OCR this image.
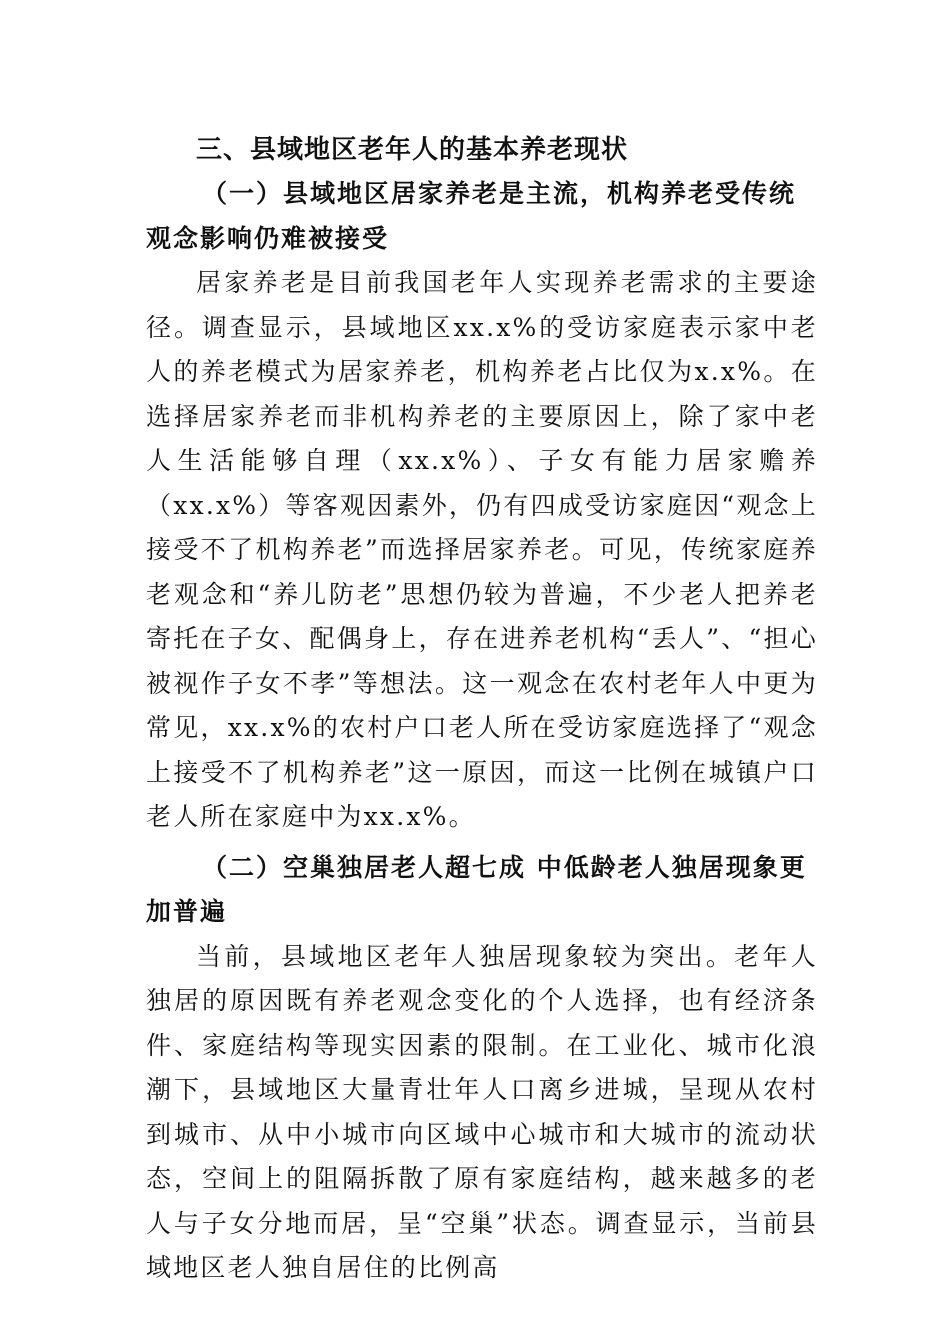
三、县域地区老年人的基本养老现状
（一）县域地区居家养老是主流，机构养老受传统观念影响仍难被接受

居家养老是目前我国老年人实现养老需求的主要途径。调查显示，县域地区xx.x%的受访家庭表示家中老人的养老模式为居家养老，机构养老占比仅为x.x%。在选择居家养老而非机构养老的主要原因上，除了家中老人生活能够自理（xx.x%）、子女有能力居家赡养（xx.x%）等客观因素外，仍有四成受访家庭因“观念上接受不了机构养老”而选择居家养老。可见，传统家庭养老观念和“养儿防老”思想仍较为普遍，不少老人把养老寄托在子女、配偶身上，存在进养老机构“丢人”、“担心被视作子女不孝”等想法。这一观念在农村老年人中更为常见，xx.x%的农村户口老人所在受访家庭选择了“观念上接受不了机构养老”这一原因，而这一比例在城镇户口老人所在家庭中为xx.x%。

（二）空巢独居老人超七成 中低龄老人独居现象更加普遍

当前，县域地区老年人独居现象较为突出。老年人独居的原因既有养老观念变化的个人选择，也有经济条件、家庭结构等现实因素的限制。在工业化、城市化浪潮下，县域地区大量青壮年人口离乡进城，呈现从农村到城市、从中小城市向区域中心城市和大城市的流动状态，空间上的阻隔拆散了原有家庭结构，越来越多的老人与子女分地而居，呈“空巢”状态。调查显示，当前县域地区老人独自居住的比例高
